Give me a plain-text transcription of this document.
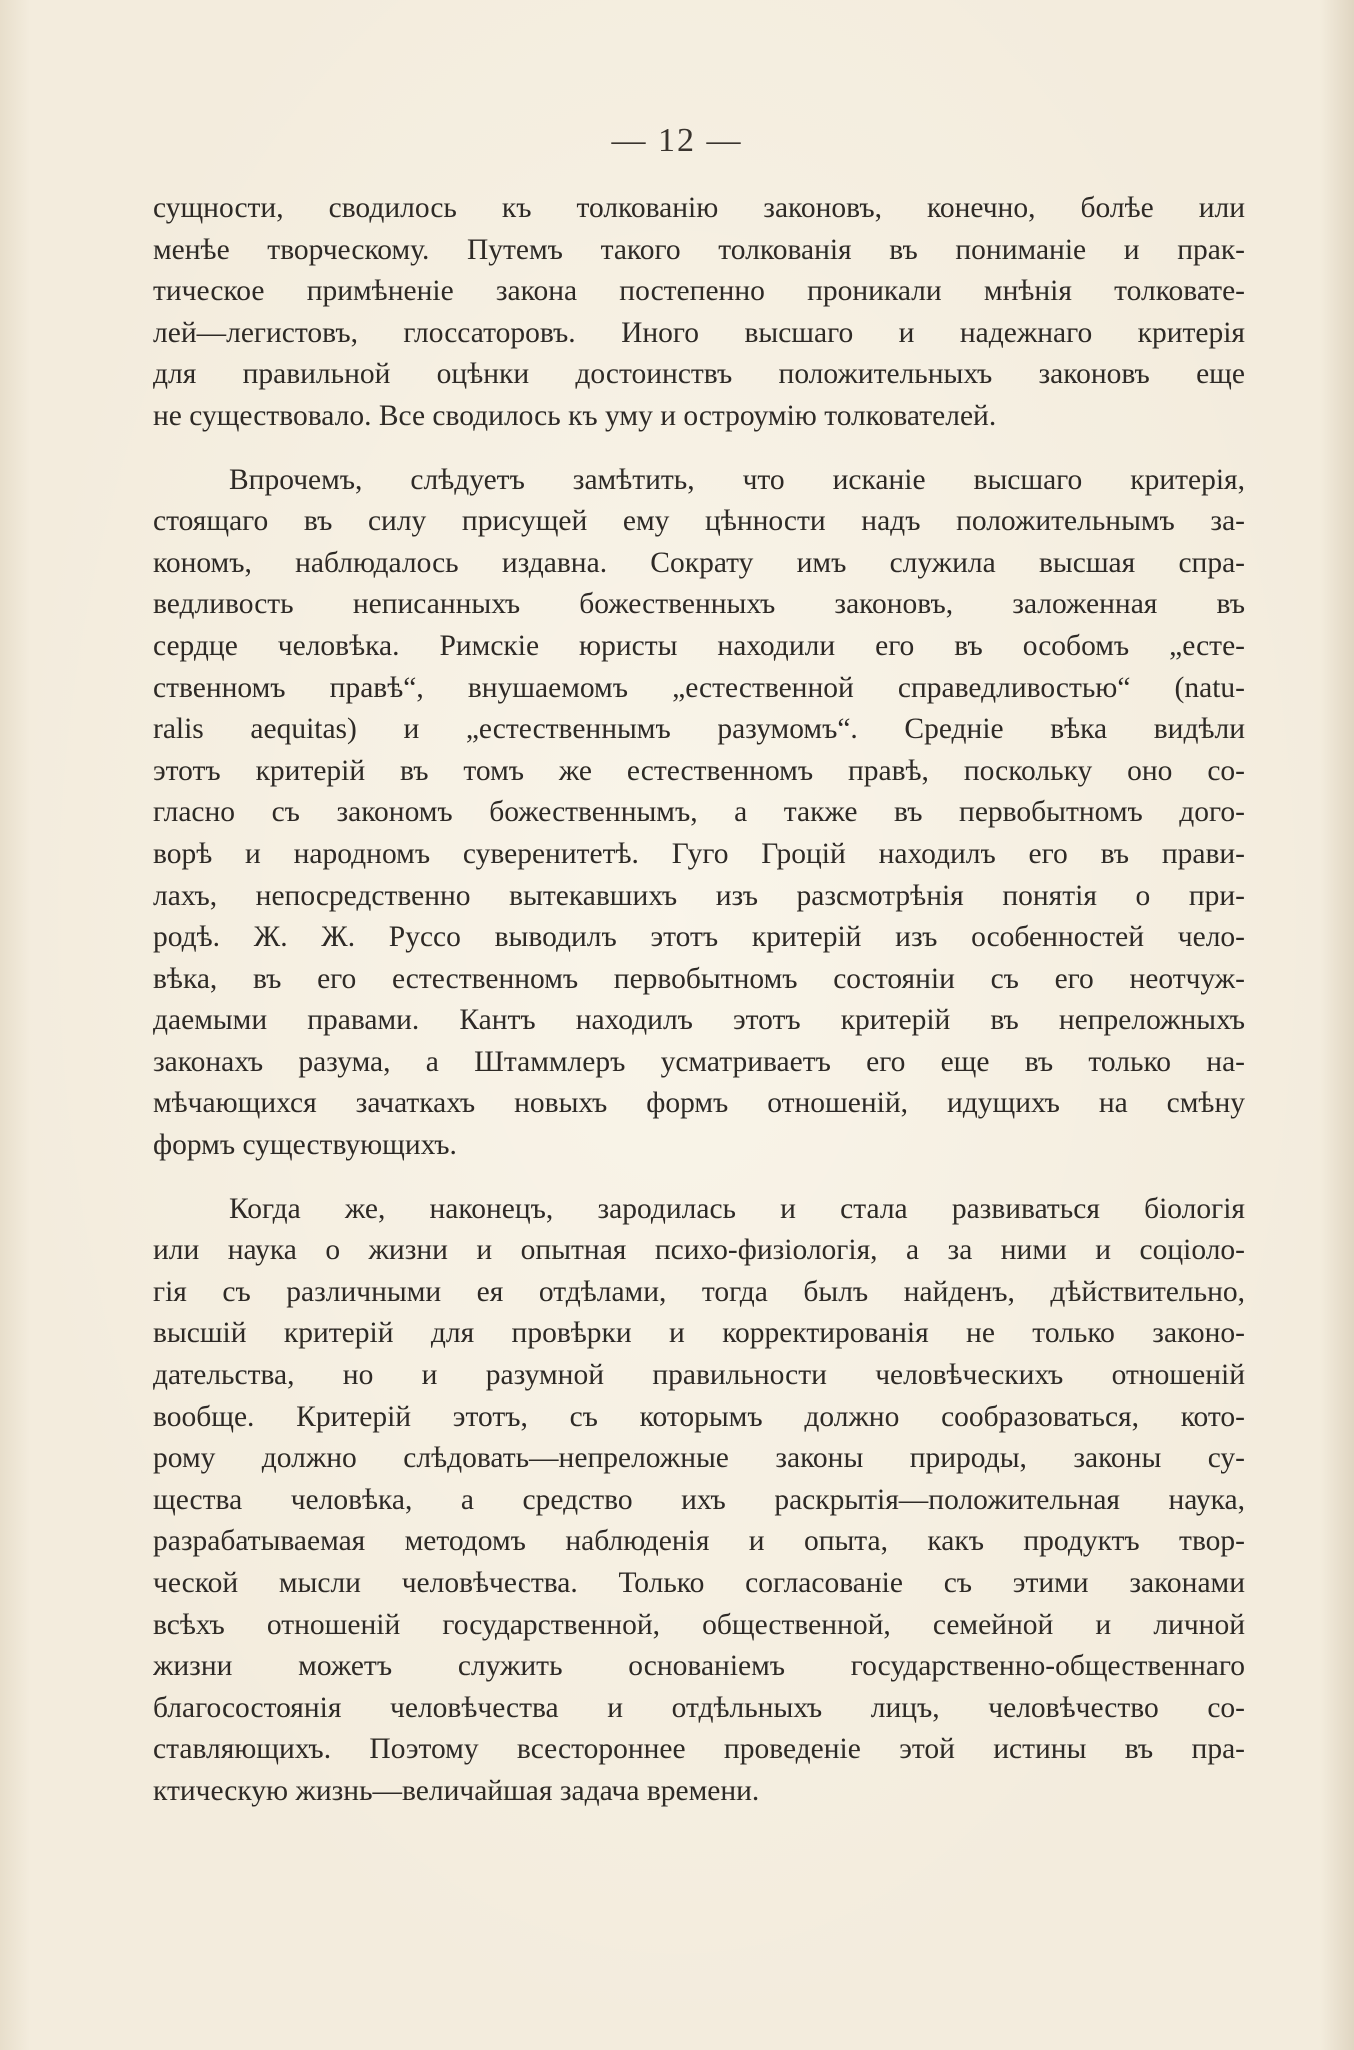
— 12 —

сущности, сводилось къ толкованію законовъ, конечно, болѣе или
менѣе творческому. Путемъ такого толкованія въ пониманіе и прак-
тическое примѣненіе закона постепенно проникали мнѣнія толковате-
лей—легистовъ, глоссаторовъ. Иного высшаго и надежнаго критерія
для правильной оцѣнки достоинствъ положительныхъ законовъ еще
не существовало. Все сводилось къ уму и остроумію толкователей.

Впрочемъ, слѣдуетъ замѣтить, что исканіе высшаго критерія,
стоящаго въ силу присущей ему цѣнности надъ положительнымъ за-
кономъ, наблюдалось издавна. Сократу имъ служила высшая спра-
ведливость неписанныхъ божественныхъ законовъ, заложенная въ
сердце человѣка. Римскіе юристы находили его въ особомъ „есте-
ственномъ правѣ“, внушаемомъ „естественной справедливостью“ (natu-
ralis aequitas) и „естественнымъ разумомъ“. Средніе вѣка видѣли
этотъ критерій въ томъ же естественномъ правѣ, поскольку оно со-
гласно съ закономъ божественнымъ, а также въ первобытномъ дого-
ворѣ и народномъ суверенитетѣ. Гуго Гроцій находилъ его въ прави-
лахъ, непосредственно вытекавшихъ изъ разсмотрѣнія понятія о при-
родѣ. Ж. Ж. Руссо выводилъ этотъ критерій изъ особенностей чело-
вѣка, въ его естественномъ первобытномъ состояніи съ его неотчуж-
даемыми правами. Кантъ находилъ этотъ критерій въ непреложныхъ
законахъ разума, а Штаммлеръ усматриваетъ его еще въ только на-
мѣчающихся зачаткахъ новыхъ формъ отношеній, идущихъ на смѣну
формъ существующихъ.

Когда же, наконецъ, зародилась и стала развиваться біологія
или наука о жизни и опытная психо-физіологія, а за ними и соціоло-
гія съ различными ея отдѣлами, тогда былъ найденъ, дѣйствительно,
высшій критерій для провѣрки и корректированія не только законо-
дательства, но и разумной правильности человѣческихъ отношеній
вообще. Критерій этотъ, съ которымъ должно сообразоваться, кото-
рому должно слѣдовать—непреложные законы природы, законы су-
щества человѣка, а средство ихъ раскрытія—положительная наука,
разрабатываемая методомъ наблюденія и опыта, какъ продуктъ твор-
ческой мысли человѣчества. Только согласованіе съ этими законами
всѣхъ отношеній государственной, общественной, семейной и личной
жизни можетъ служить основаніемъ государственно-общественнаго
благосостоянія человѣчества и отдѣльныхъ лицъ, человѣчество со-
ставляющихъ. Поэтому всестороннее проведеніе этой истины въ пра-
ктическую жизнь—величайшая задача времени.
